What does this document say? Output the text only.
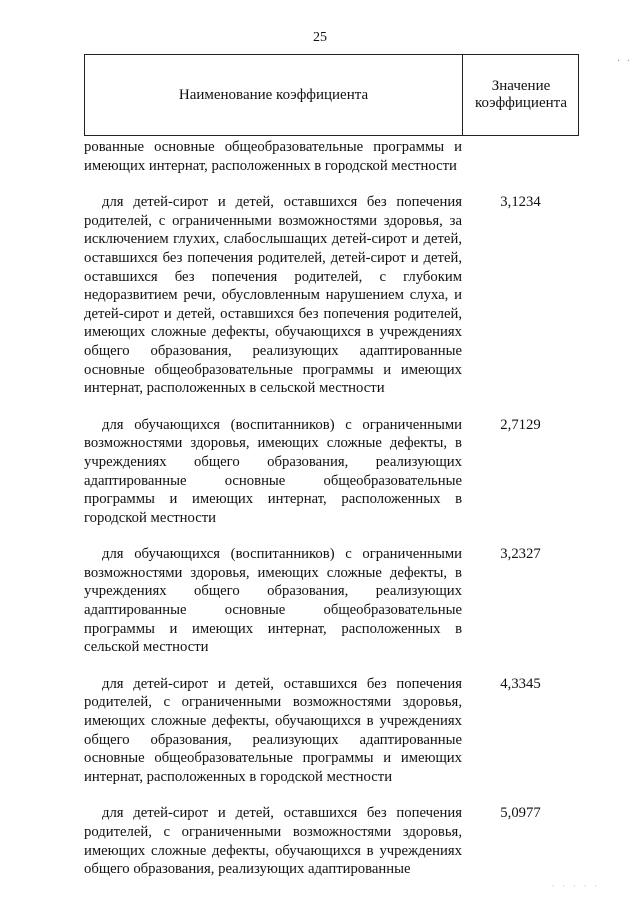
25
· ·
Наименование коэффициента
Значение
коэффициента
рованные основные общеобразовательные программы и имеющих интернат, расположенных в городской местности
для детей-сирот и детей, оставшихся без попечения родителей, с ограниченными возможностями здоровья, за исключением глухих, слабослышащих детей-сирот и детей, оставшихся без попечения родителей, детей-сирот и детей, оставшихся без попечения родителей, с глубоким недоразвитием речи, обусловленным нарушением слуха, и детей-сирот и детей, оставшихся без попечения родителей, имеющих сложные дефекты, обучающихся в учреждениях общего образования, реализующих адаптированные основные общеобразовательные программы и имеющих интернат, расположенных в сельской местности
3,1234
для обучающихся (воспитанников) с ограниченными возможностями здоровья, имеющих сложные дефекты, в учреждениях общего образования, реализующих адаптированные основные общеобразовательные программы и имеющих интернат, расположенных в городской местности
2,7129
для обучающихся (воспитанников) с ограниченными возможностями здоровья, имеющих сложные дефекты, в учреждениях общего образования, реализующих адаптированные основные общеобразовательные программы и имеющих интернат, расположенных в сельской местности
3,2327
для детей-сирот и детей, оставшихся без попечения родителей, с ограниченными возможностями здоровья, имеющих сложные дефекты, обучающихся в учреждениях общего образования, реализующих адаптированные основные общеобразовательные программы и имеющих интернат, расположенных в городской местности
4,3345
для детей-сирот и детей, оставшихся без попечения родителей, с ограниченными возможностями здоровья, имеющих сложные дефекты, обучающихся в учреждениях общего образования, реализующих адаптированные
5,0977
· · · · ·
